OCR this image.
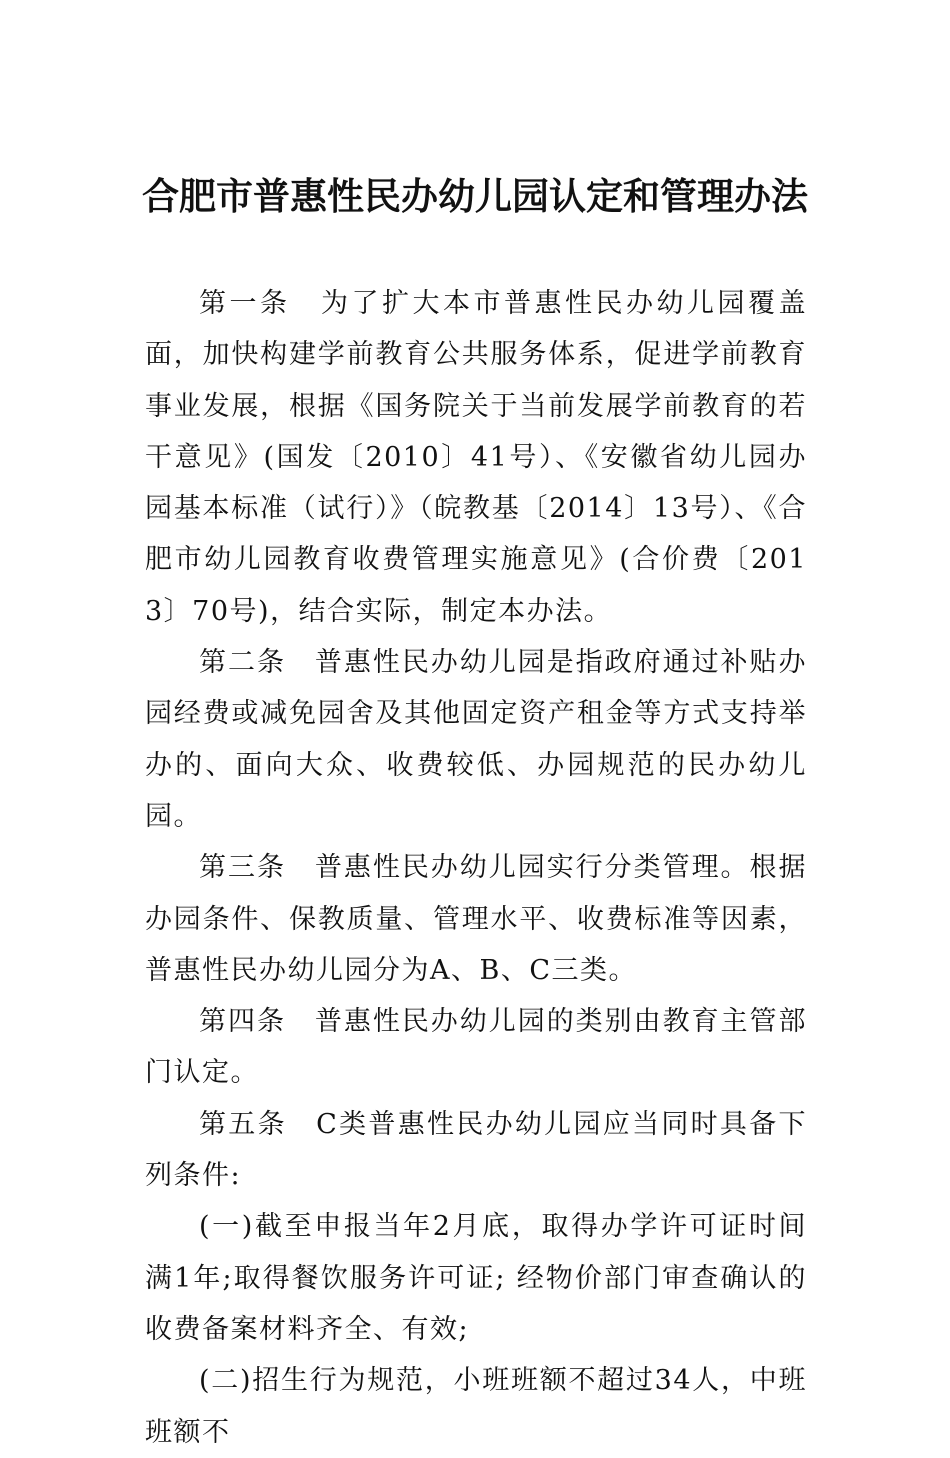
合肥市普惠性民办幼儿园认定和管理办法

第一条　为了扩大本市普惠性民办幼儿园覆盖面，加快构建学前教育公共服务体系，促进学前教育事业发展，根据《国务院关于当前发展学前教育的若干意见》(国发〔2010〕41号）、《安徽省幼儿园办园基本标准（试行）》（皖教基〔2014〕13号）、《合肥市幼儿园教育收费管理实施意见》(合价费〔2013〕70号)，结合实际，制定本办法。

第二条　普惠性民办幼儿园是指政府通过补贴办园经费或减免园舍及其他固定资产租金等方式支持举办的、面向大众、收费较低、办园规范的民办幼儿园。

第三条　普惠性民办幼儿园实行分类管理。根据办园条件、保教质量、管理水平、收费标准等因素，普惠性民办幼儿园分为A、B、C三类。

第四条　普惠性民办幼儿园的类别由教育主管部门认定。

第五条　C类普惠性民办幼儿园应当同时具备下列条件:

(一)截至申报当年2月底，取得办学许可证时间满1年;取得餐饮服务许可证; 经物价部门审查确认的收费备案材料齐全、有效;

(二)招生行为规范，小班班额不超过34人，中班班额不
